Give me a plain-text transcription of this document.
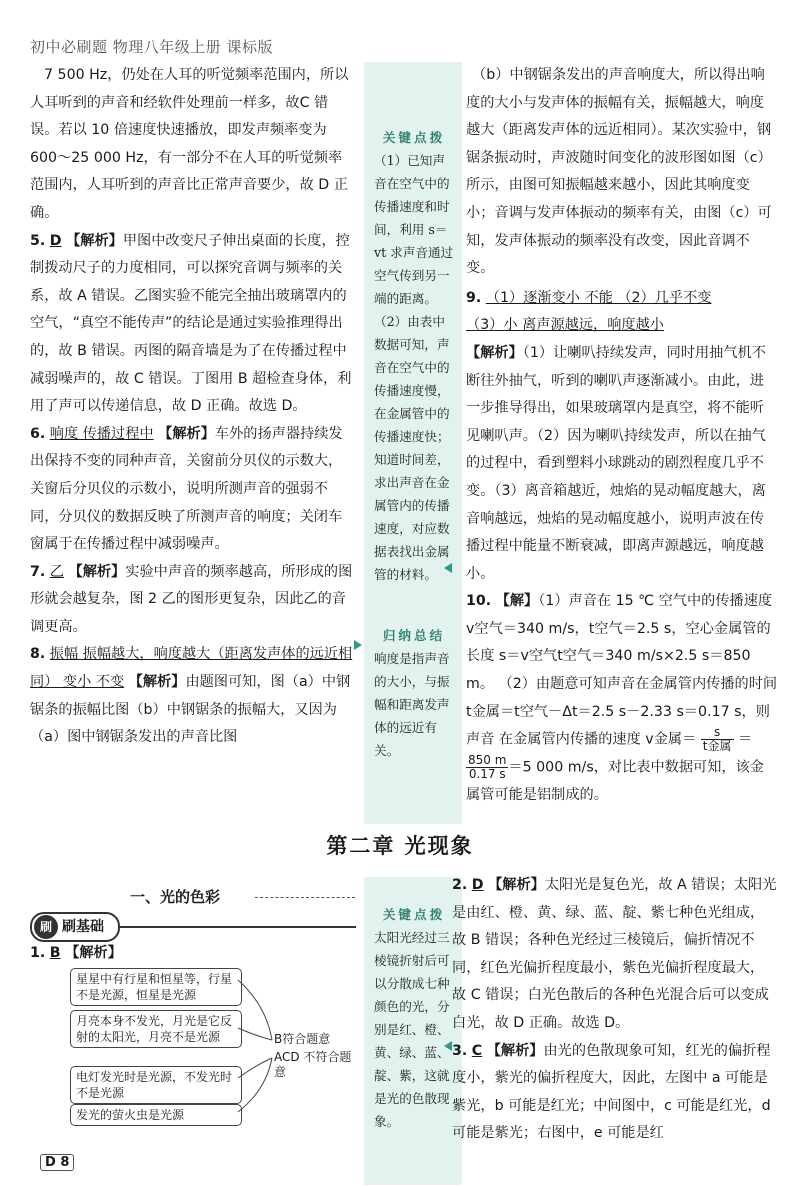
初中必刷题 物理八年级上册 课标版

7 500 Hz，仍处在人耳的听觉频率范围内，所以人耳听到的声音和经软件处理前一样多，故C 错误。若以 10 倍速度快速播放，即发声频率变为 600～25 000 Hz，有一部分不在人耳的听觉频率范围内，人耳听到的声音比正常声音要少，故 D 正确。

5. D 【解析】甲图中改变尺子伸出桌面的长度，控制拨动尺子的力度相同，可以探究音调与频率的关系，故 A 错误。乙图实验不能完全抽出玻璃罩内的空气，“真空不能传声”的结论是通过实验推理得出的，故 B 错误。丙图的隔音墙是为了在传播过程中减弱噪声的，故 C 错误。丁图用 B 超检查身体，利用了声可以传递信息，故 D 正确。故选 D。

6. 响度 传播过程中 【解析】车外的扬声器持续发出保持不变的同种声音，关窗前分贝仪的示数大，关窗后分贝仪的示数小，说明所测声音的强弱不同，分贝仪的数据反映了所测声音的响度；关闭车窗属于在传播过程中减弱噪声。

7. 乙 【解析】实验中声音的频率越高，所形成的图形就会越复杂，图 2 乙的图形更复杂，因此乙的音调更高。

8. 振幅 振幅越大，响度越大（距离发声体的远近相同） 变小 不变 【解析】由题图可知，图（a）中钢锯条的振幅比图（b）中钢锯条的振幅大，又因为（a）图中钢锯条发出的声音比图

关键点拨

（1）已知声音在空气中的传播速度和时间，利用 s＝vt 求声音通过空气传到另一端的距离。

（2）由表中数据可知，声音在空气中的传播速度慢，在金属管中的传播速度快；知道时间差，求出声音在金属管内的传播速度，对应数据表找出金属管的材料。

归纳总结

响度是指声音的大小，与振幅和距离发声体的远近有关。

（b）中钢锯条发出的声音响度大，所以得出响度的大小与发声体的振幅有关，振幅越大，响度越大（距离发声体的远近相同）。某次实验中，钢锯条振动时，声波随时间变化的波形图如图（c）所示，由图可知振幅越来越小，因此其响度变小；音调与发声体振动的频率有关，由图（c）可知，发声体振动的频率没有改变，因此音调不变。

9. （1）逐渐变小 不能 （2）几乎不变
（3）小 离声源越远，响度越小
【解析】（1）让喇叭持续发声，同时用抽气机不断往外抽气，听到的喇叭声逐渐减小。由此，进一步推导得出，如果玻璃罩内是真空，将不能听见喇叭声。（2）因为喇叭持续发声，所以在抽气的过程中，看到塑料小球跳动的剧烈程度几乎不变。（3）离音箱越近，烛焰的晃动幅度越大，离音响越远，烛焰的晃动幅度越小，说明声波在传播过程中能量不断衰减，即离声源越远，响度越小。

10. 【解】（1）声音在 15 ℃ 空气中的传播速度 v空气＝340 m/s，t空气＝2.5 s，空心金属管的长度 s＝v空气t空气＝340 m/s×2.5 s＝850 m。 （2）由题意可知声音在金属管内传播的时间 t金属＝t空气－Δt＝2.5 s－2.33 s＝0.17 s，则声音 在金属管内传播的速度 v金属＝ $\frac{s}{\text{t金属}}$ ＝
$\frac{850 m}{0.17 s} =5$ 000 m/s，对比表中数据可知，该金属管可能是铝制成的。

第二章 光现象
一、光的色彩
刷 刷基础
1. B 【解析】
星星中有行星和恒星等，行星不是光源，恒星是光源
月亮本身不发光，月光是它反射的太阳光，月亮不是光源
电灯发光时是光源，不发光时不是光源
发光的萤火虫是光源
B符合题意
ACD 不符合题意

关键点拨

太阳光经过三棱镜折射后可以分散成七种颜色的光，分别是红、橙、黄、绿、蓝、靛、紫，这就是光的色散现象。

2. D 【解析】太阳光是复色光，故 A 错误；太阳光是由红、橙、黄、绿、蓝、靛、紫七种色光组成，故 B 错误；各种色光经过三棱镜后，偏折情况不同，红色光偏折程度最小，紫色光偏折程度最大，故 C 错误；白光色散后的各种色光混合后可以变成白光，故 D 正确。故选 D。

3. C 【解析】由光的色散现象可知，红光的偏折程度小，紫光的偏折程度大，因此，左图中 a 可能是紫光，b 可能是红光；中间图中，c 可能是红光，d 可能是紫光；右图中，e 可能是红

D 8
